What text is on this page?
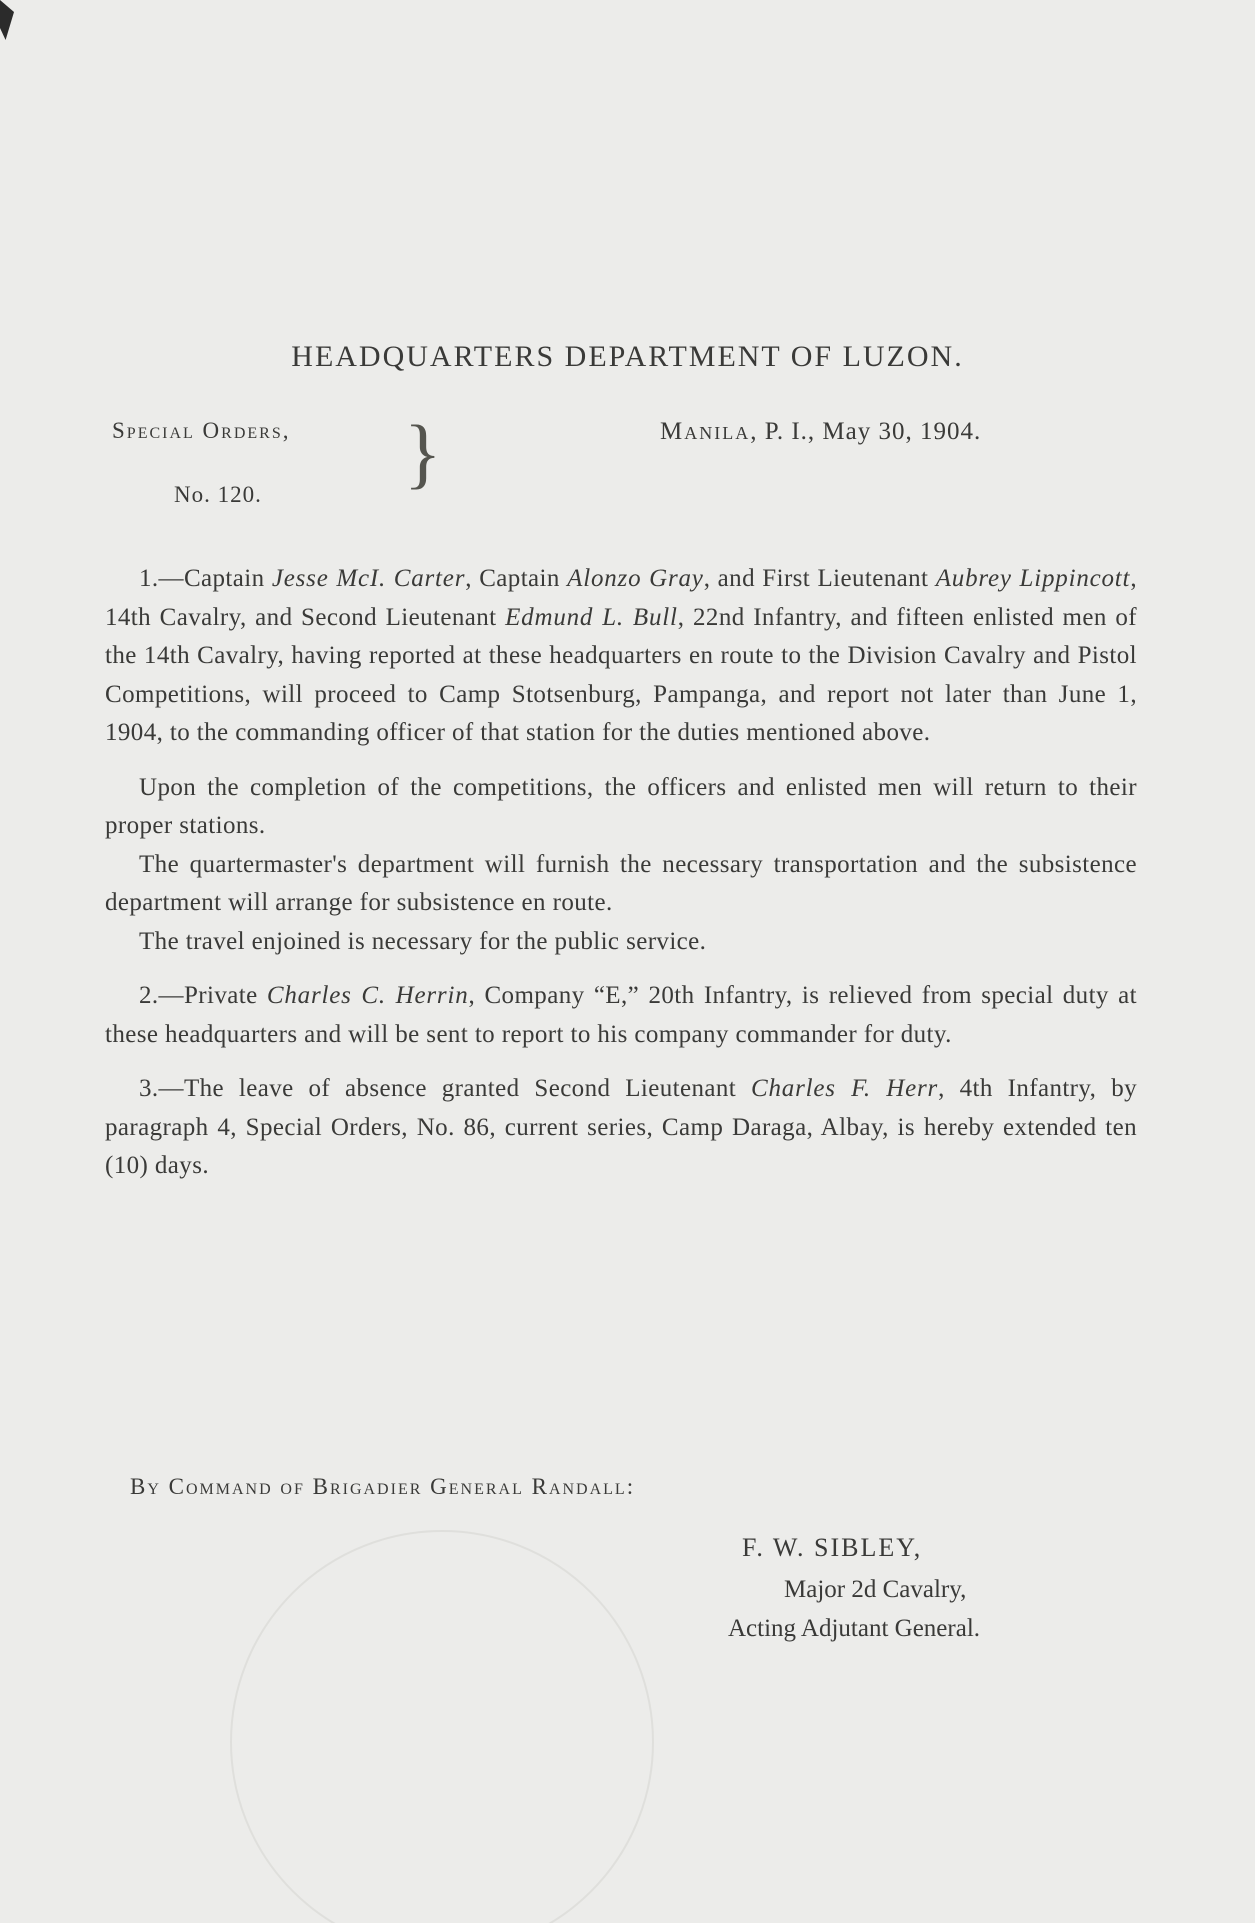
HEADQUARTERS DEPARTMENT OF LUZON.
Special Orders,
No. 120. }	Manila, P. I., May 30, 1904.

1.—Captain Jesse McI. Carter, Captain Alonzo Gray, and First Lieutenant Aubrey Lippincott, 14th Cavalry, and Second Lieutenant Edmund L. Bull, 22nd Infantry, and fifteen enlisted men of the 14th Cavalry, having reported at these headquarters en route to the Division Cavalry and Pistol Competitions, will proceed to Camp Stotsenburg, Pampanga, and report not later than June 1, 1904, to the commanding officer of that station for the duties mentioned above.

Upon the completion of the competitions, the officers and enlisted men will return to their proper stations.

The quartermaster's department will furnish the necessary transportation and the subsistence department will arrange for subsistence en route.

The travel enjoined is necessary for the public service.

2.—Private Charles C. Herrin, Company “E,” 20th Infantry, is relieved from special duty at these headquarters and will be sent to report to his company commander for duty.

3.—The leave of absence granted Second Lieutenant Charles F. Herr, 4th Infantry, by paragraph 4, Special Orders, No. 86, current series, Camp Daraga, Albay, is hereby extended ten (10) days.

By Command of Brigadier General Randall:
F. W. SIBLEY,
Major 2d Cavalry,
Acting Adjutant General.
